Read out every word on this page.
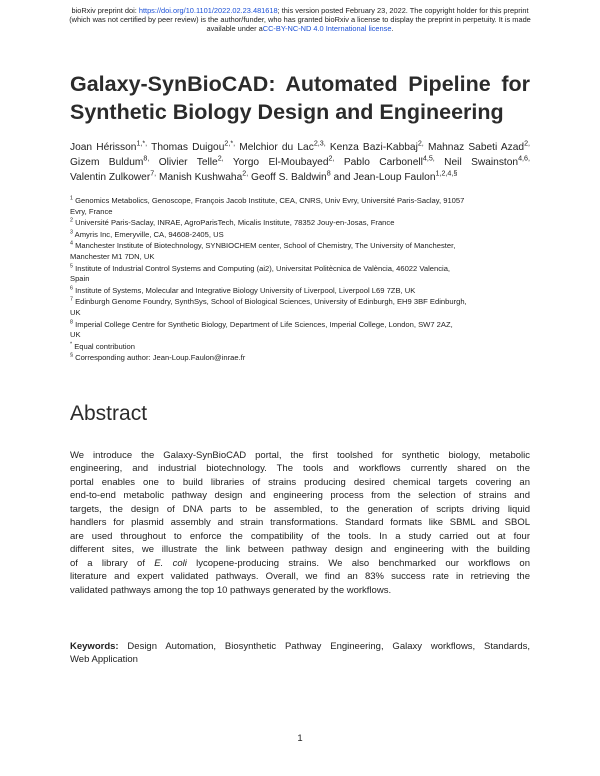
bioRxiv preprint doi: https://doi.org/10.1101/2022.02.23.481618; this version posted February 23, 2022. The copyright holder for this preprint
(which was not certified by peer review) is the author/funder, who has granted bioRxiv a license to display the preprint in perpetuity. It is made
available under aCC-BY-NC-ND 4.0 International license.
Galaxy-SynBioCAD: Automated Pipeline for
Synthetic Biology Design and Engineering
Joan Hérisson$^{1,*,}$ Thomas Duigou$^{2,*,}$ Melchior du Lac$^{2,3,}$ Kenza Bazi-Kabbaj$^{2,}$ Mahnaz Sabeti Azad$^{2,}$
Gizem Buldum$^{8,}$ Olivier Telle$^{2,}$ Yorgo El-Moubayed$^{2,}$ Pablo Carbonell$^{4,5,}$ Neil Swainston$^{4,6,}$
Valentin Zulkower$^{7,}$ Manish Kushwaha$^{2,}$ Geoff S. Baldwin$^8$ and Jean-Loup Faulon$^{1,2,4,\S}$
$^1$ Genomics Metabolics, Genoscope, François Jacob Institute, CEA, CNRS, Univ Evry, Université Paris-Saclay, 91057
Evry, France
$^2$ Université Paris-Saclay, INRAE, AgroParisTech, Micalis Institute, 78352 Jouy-en-Josas, France
$^3$ Amyris Inc, Emeryville, CA, 94608-2405, US
$^4$ Manchester Institute of Biotechnology, SYNBIOCHEM center, School of Chemistry, The University of Manchester,
Manchester M1 7DN, UK
$^5$ Institute of Industrial Control Systems and Computing (ai2), Universitat Politècnica de València, 46022 Valencia,
Spain
$^6$ Institute of Systems, Molecular and Integrative Biology University of Liverpool, Liverpool L69 7ZB, UK
$^7$ Edinburgh Genome Foundry, SynthSys, School of Biological Sciences, University of Edinburgh, EH9 3BF Edinburgh,
UK
$^8$ Imperial College Centre for Synthetic Biology, Department of Life Sciences, Imperial College, London, SW7 2AZ,
UK
* Equal contribution
§ Corresponding author: Jean-Loup.Faulon@inrae.fr
Abstract
We introduce the Galaxy-SynBioCAD portal, the first toolshed for synthetic biology, metabolic
engineering, and industrial biotechnology. The tools and workflows currently shared on the
portal enables one to build libraries of strains producing desired chemical targets covering an
end-to-end metabolic pathway design and engineering process from the selection of strains and
targets, the design of DNA parts to be assembled, to the generation of scripts driving liquid
handlers for plasmid assembly and strain transformations. Standard formats like SBML and SBOL
are used throughout to enforce the compatibility of the tools. In a study carried out at four
different sites, we illustrate the link between pathway design and engineering with the building
of a library of E. coli lycopene-producing strains. We also benchmarked our workflows on
literature and expert validated pathways. Overall, we find an 83% success rate in retrieving the
validated pathways among the top 10 pathways generated by the workflows.
Keywords: Design Automation, Biosynthetic Pathway Engineering, Galaxy workflows, Standards,
Web Application
1
